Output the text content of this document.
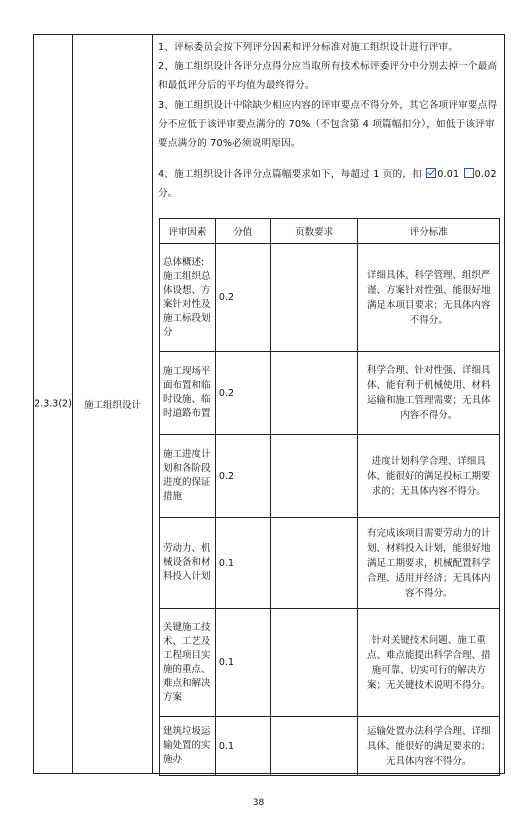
2.3.3(2)	施工组织设计
1、评标委员会按下列评分因素和评分标准对施工组织设计进行评审。
2、施工组织设计各评分点得分应当取所有技术标评委评分中分别去掉一个最高和最低评分后的平均值为最终得分。
3、施工组织设计中除缺少相应内容的评审要点不得分外，其它各项评审要点得分不应低于该评审要点满分的 70%（不包含第 4 项篇幅扣分），如低于该评审要点满分的 70%必须说明原因。
4、施工组织设计各评分点篇幅要求如下，每超过 1 页的，扣 0.01 0.02 分。
评审因素	分值	页数要求	评分标准
总体概述:施工组织总体设想、方案针对性及施工标段划分	0.2		详细具体、科学管理、组织严谨、方案针对性强、能很好地满足本项目要求；无具体内容不得分。
施工现场平面布置和临时设施、临时道路布置	0.2		科学合理、针对性强、详细具体、能有利于机械使用、材料运输和施工管理需要；无具体内容不得分。
施工进度计划和各阶段进度的保证措施	0.2		进度计划科学合理、详细具体、能很好的满足投标工期要求的；无具体内容不得分。
劳动力、机械设备和材料投入计划	0.1		有完成该项目需要劳动力的计划、材料投入计划，能很好地满足工期要求，机械配置科学合理、适用并经济；无具体内容不得分。
关键施工技术、工艺及工程项目实施的重点、难点和解决方案	0.1		针对关键技术问题、施工重点、难点能提出科学合理、措施可靠、切实可行的解决方案；无关键技术说明不得分。
建筑垃圾运输处置的实施办	0.1		运输处置办法科学合理、详细具体、能很好的满足要求的；无具体内容不得分。
38
